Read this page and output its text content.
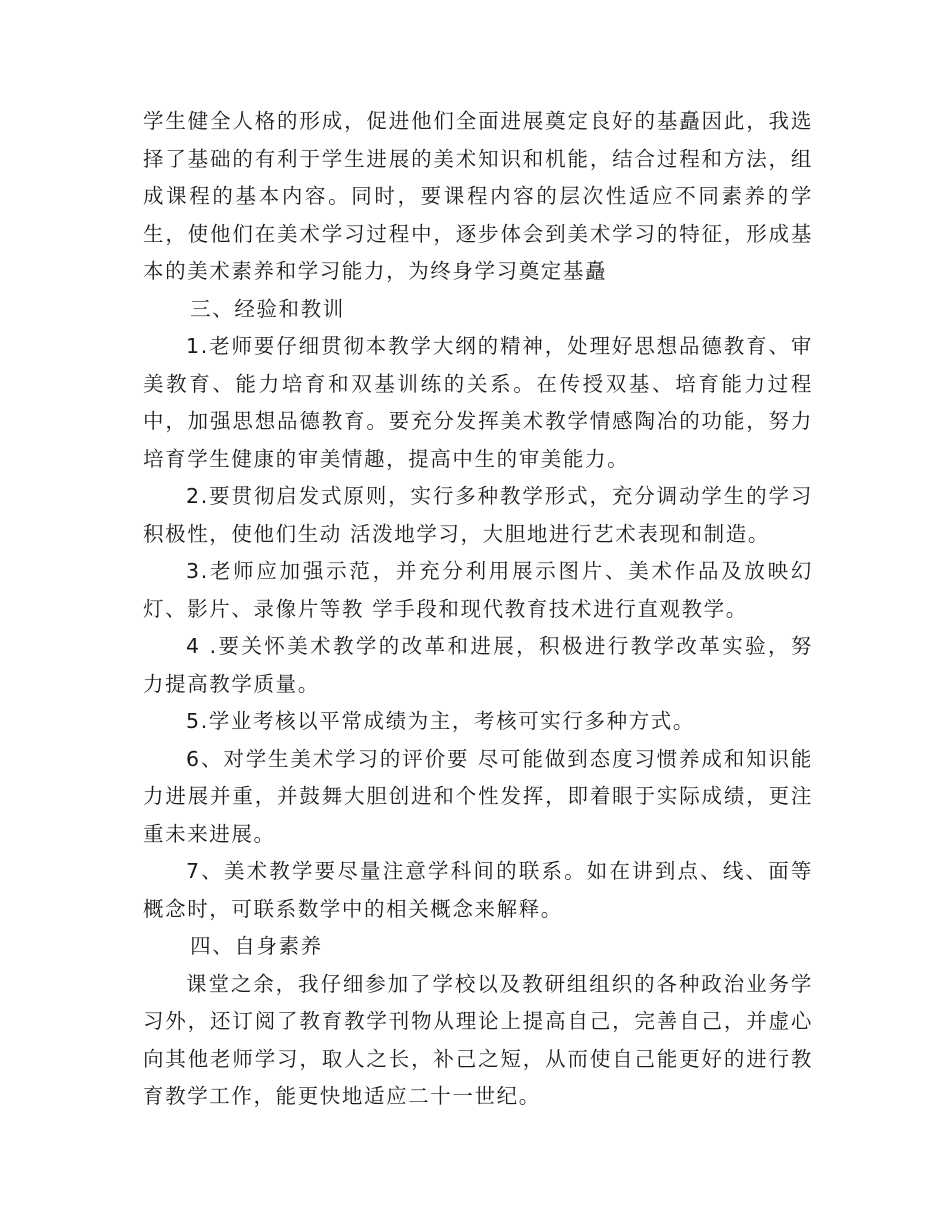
学生健全人格的形成，促进他们全面进展奠定良好的基矗因此，我选择了基础的有利于学生进展的美术知识和机能，结合过程和方法，组成课程的基本内容。同时，要课程内容的层次性适应不同素养的学生，使他们在美术学习过程中，逐步体会到美术学习的特征，形成基本的美术素养和学习能力，为终身学习奠定基矗

三、经验和教训

1.老师要仔细贯彻本教学大纲的精神，处理好思想品德教育、审美教育、能力培育和双基训练的关系。在传授双基、培育能力过程中，加强思想品德教育。要充分发挥美术教学情感陶冶的功能，努力培育学生健康的审美情趣，提高中生的审美能力。

2.要贯彻启发式原则，实行多种教学形式，充分调动学生的学习积极性，使他们生动 活泼地学习，大胆地进行艺术表现和制造。

3.老师应加强示范，并充分利用展示图片、美术作品及放映幻灯、影片、录像片等教 学手段和现代教育技术进行直观教学。

4 .要关怀美术教学的改革和进展，积极进行教学改革实验，努力提高教学质量。

5.学业考核以平常成绩为主，考核可实行多种方式。

6、对学生美术学习的评价要 尽可能做到态度习惯养成和知识能力进展并重，并鼓舞大胆创进和个性发挥，即着眼于实际成绩，更注重未来进展。

7、美术教学要尽量注意学科间的联系。如在讲到点、线、面等概念时，可联系数学中的相关概念来解释。

四、自身素养

课堂之余，我仔细参加了学校以及教研组组织的各种政治业务学习外，还订阅了教育教学刊物从理论上提高自己，完善自己，并虚心向其他老师学习，取人之长，补己之短，从而使自己能更好的进行教育教学工作，能更快地适应二十一世纪。
